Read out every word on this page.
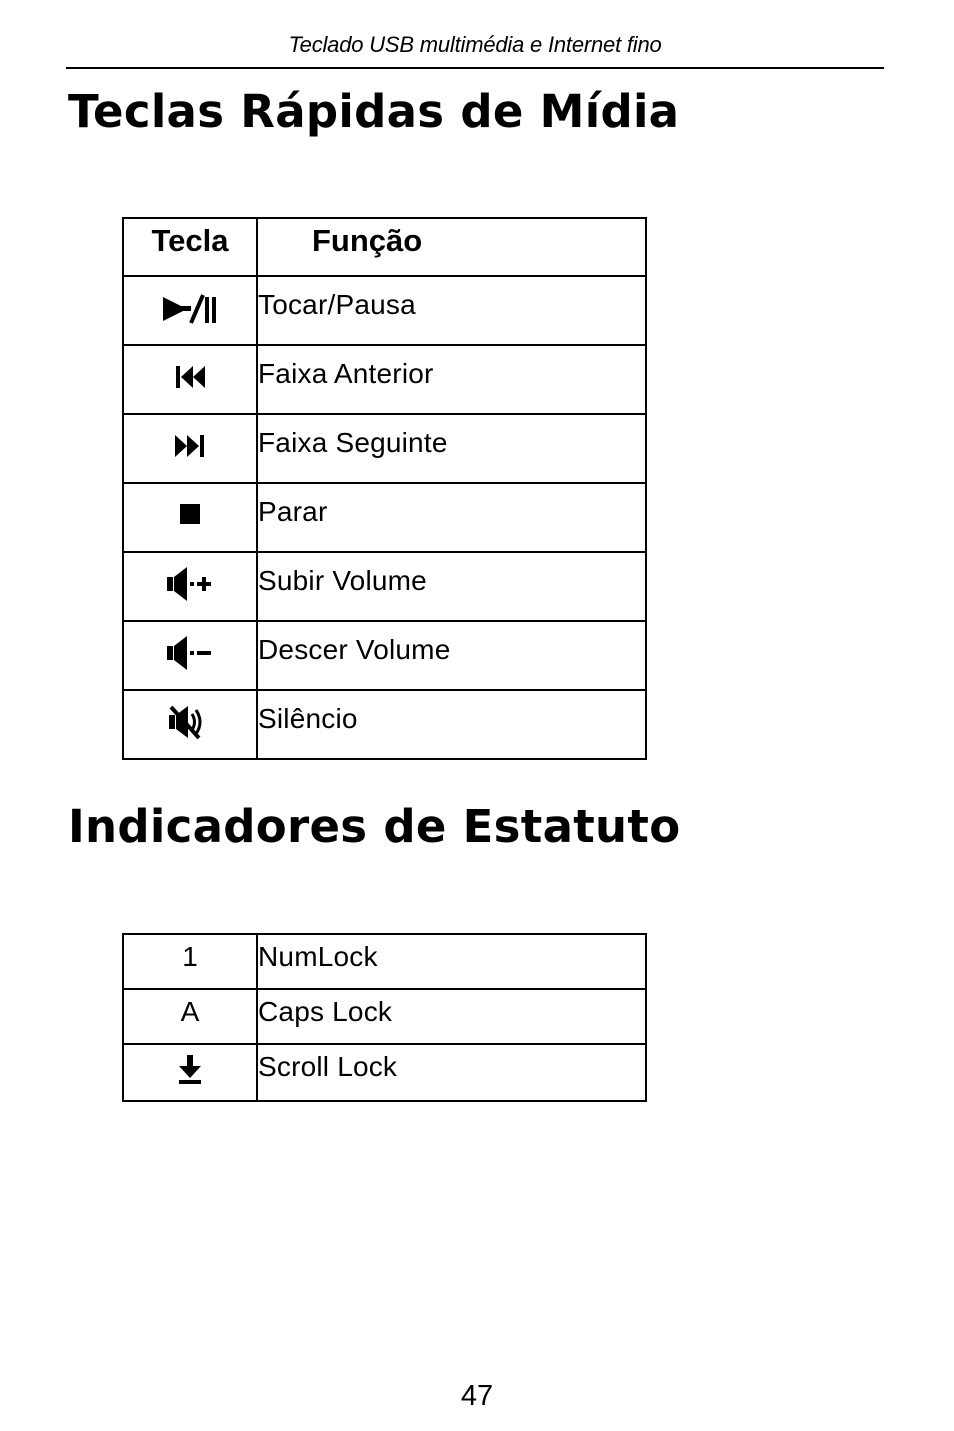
Teclado USB multimédia e Internet fino
Teclas Rápidas de Mídia
Tecla	Função

	Tocar/Pausa

	Faixa Anterior

	Faixa Seguinte

	Parar

	Subir Volume

	Descer Volume

	Silêncio
Indicadores de Estatuto
1	NumLock
A	Caps Lock
	Scroll Lock
47
